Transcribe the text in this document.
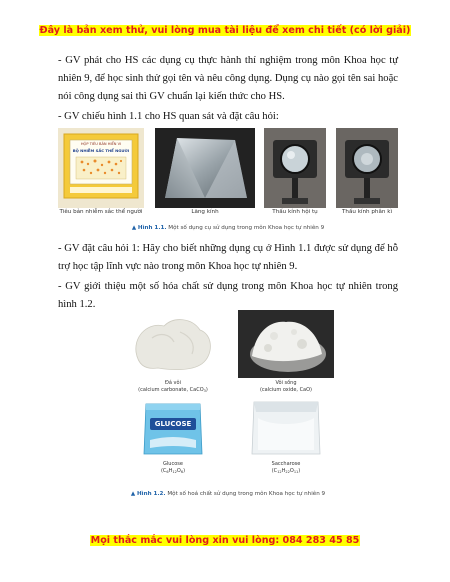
Đây là bản xem thử, vui lòng mua tài liệu để xem chi tiết (có lời giải)

- GV phát cho HS các dụng cụ thực hành thí nghiệm trong môn Khoa học tự nhiên 9, để học sinh thử gọi tên và nêu công dụng. Dụng cụ nào gọi tên sai hoặc nói công dụng sai thì GV chuẩn lại kiến thức cho HS.

- GV chiếu hình 1.1 cho HS quan sát và đặt câu hỏi:

HỘP TIÊU BẢN HIỂN VI
BỘ NHIỄM SẮC THỂ NGƯỜI
Tiêu bản nhiễm sắc thể người	Lăng kính	Thấu kính hội tụ	Thấu kính phân kì
▲ Hình 1.1. Một số dụng cụ sử dụng trong môn Khoa học tự nhiên 9

- GV đặt câu hỏi 1: Hãy cho biết những dụng cụ ở Hình 1.1 được sử dụng để hỗ trợ học tập lĩnh vực nào trong môn Khoa học tự nhiên 9.

- GV giới thiệu một số hóa chất sử dụng trong môn Khoa học tự nhiên trong hình 1.2.

Đá vôi
(calcium carbonate, CaCO$_3$)
Vôi sống
(calcium oxide, CaO)
GLUCOSE
Glucose
$(C_6H_{12}O_6)$
Saccharose
$(C_{12}H_{22}O_{11})$
▲ Hình 1.2. Một số hoá chất sử dụng trong môn Khoa học tự nhiên 9
Mọi thắc mắc vui lòng xin vui lòng: 084 283 45 85
